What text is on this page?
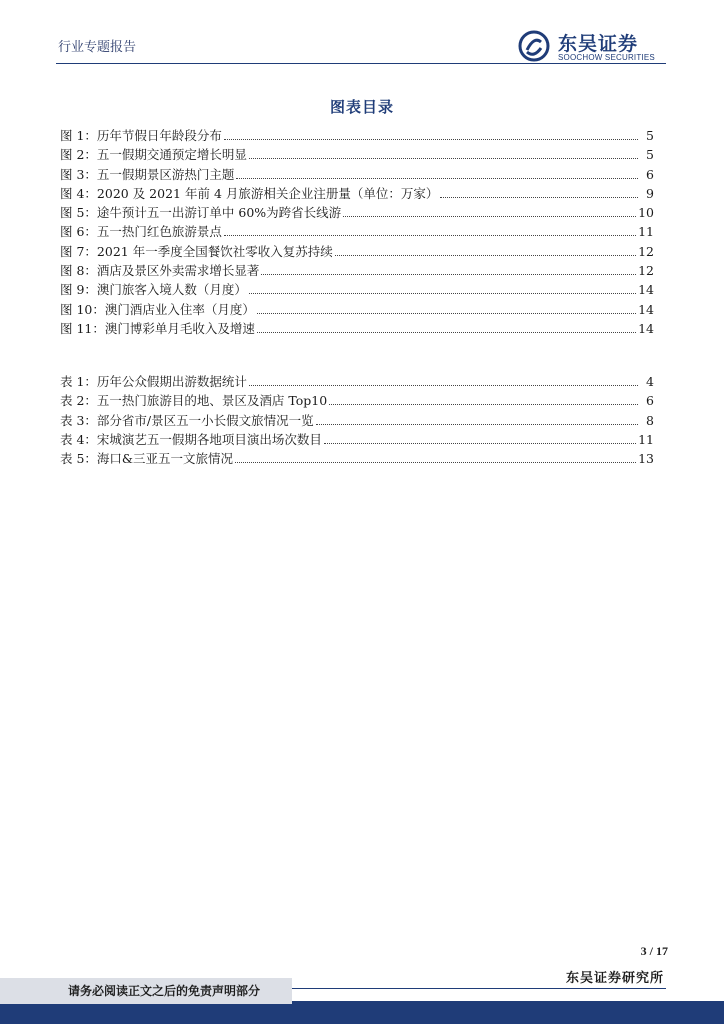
行业专题报告	东吴证券
SOOCHOW SECURITIES
图表目录
图 1：历年节假日年龄段分布	5
图 2：五一假期交通预定增长明显	5
图 3：五一假期景区游热门主题	6
图 4：2020 及 2021 年前 4 月旅游相关企业注册量（单位：万家）	9
图 5：途牛预计五一出游订单中 60%为跨省长线游	10
图 6：五一热门红色旅游景点	11
图 7：2021 年一季度全国餐饮社零收入复苏持续	12
图 8：酒店及景区外卖需求增长显著	12
图 9：澳门旅客入境人数（月度）	14
图 10：澳门酒店业入住率（月度）	14
图 11：澳门博彩单月毛收入及增速	14
表 1：历年公众假期出游数据统计	4
表 2：五一热门旅游目的地、景区及酒店 Top10	6
表 3：部分省市/景区五一小长假文旅情况一览	8
表 4：宋城演艺五一假期各地项目演出场次数目	11
表 5：海口&三亚五一文旅情况	13
3 / 17
东吴证券研究所
请务必阅读正文之后的免责声明部分
